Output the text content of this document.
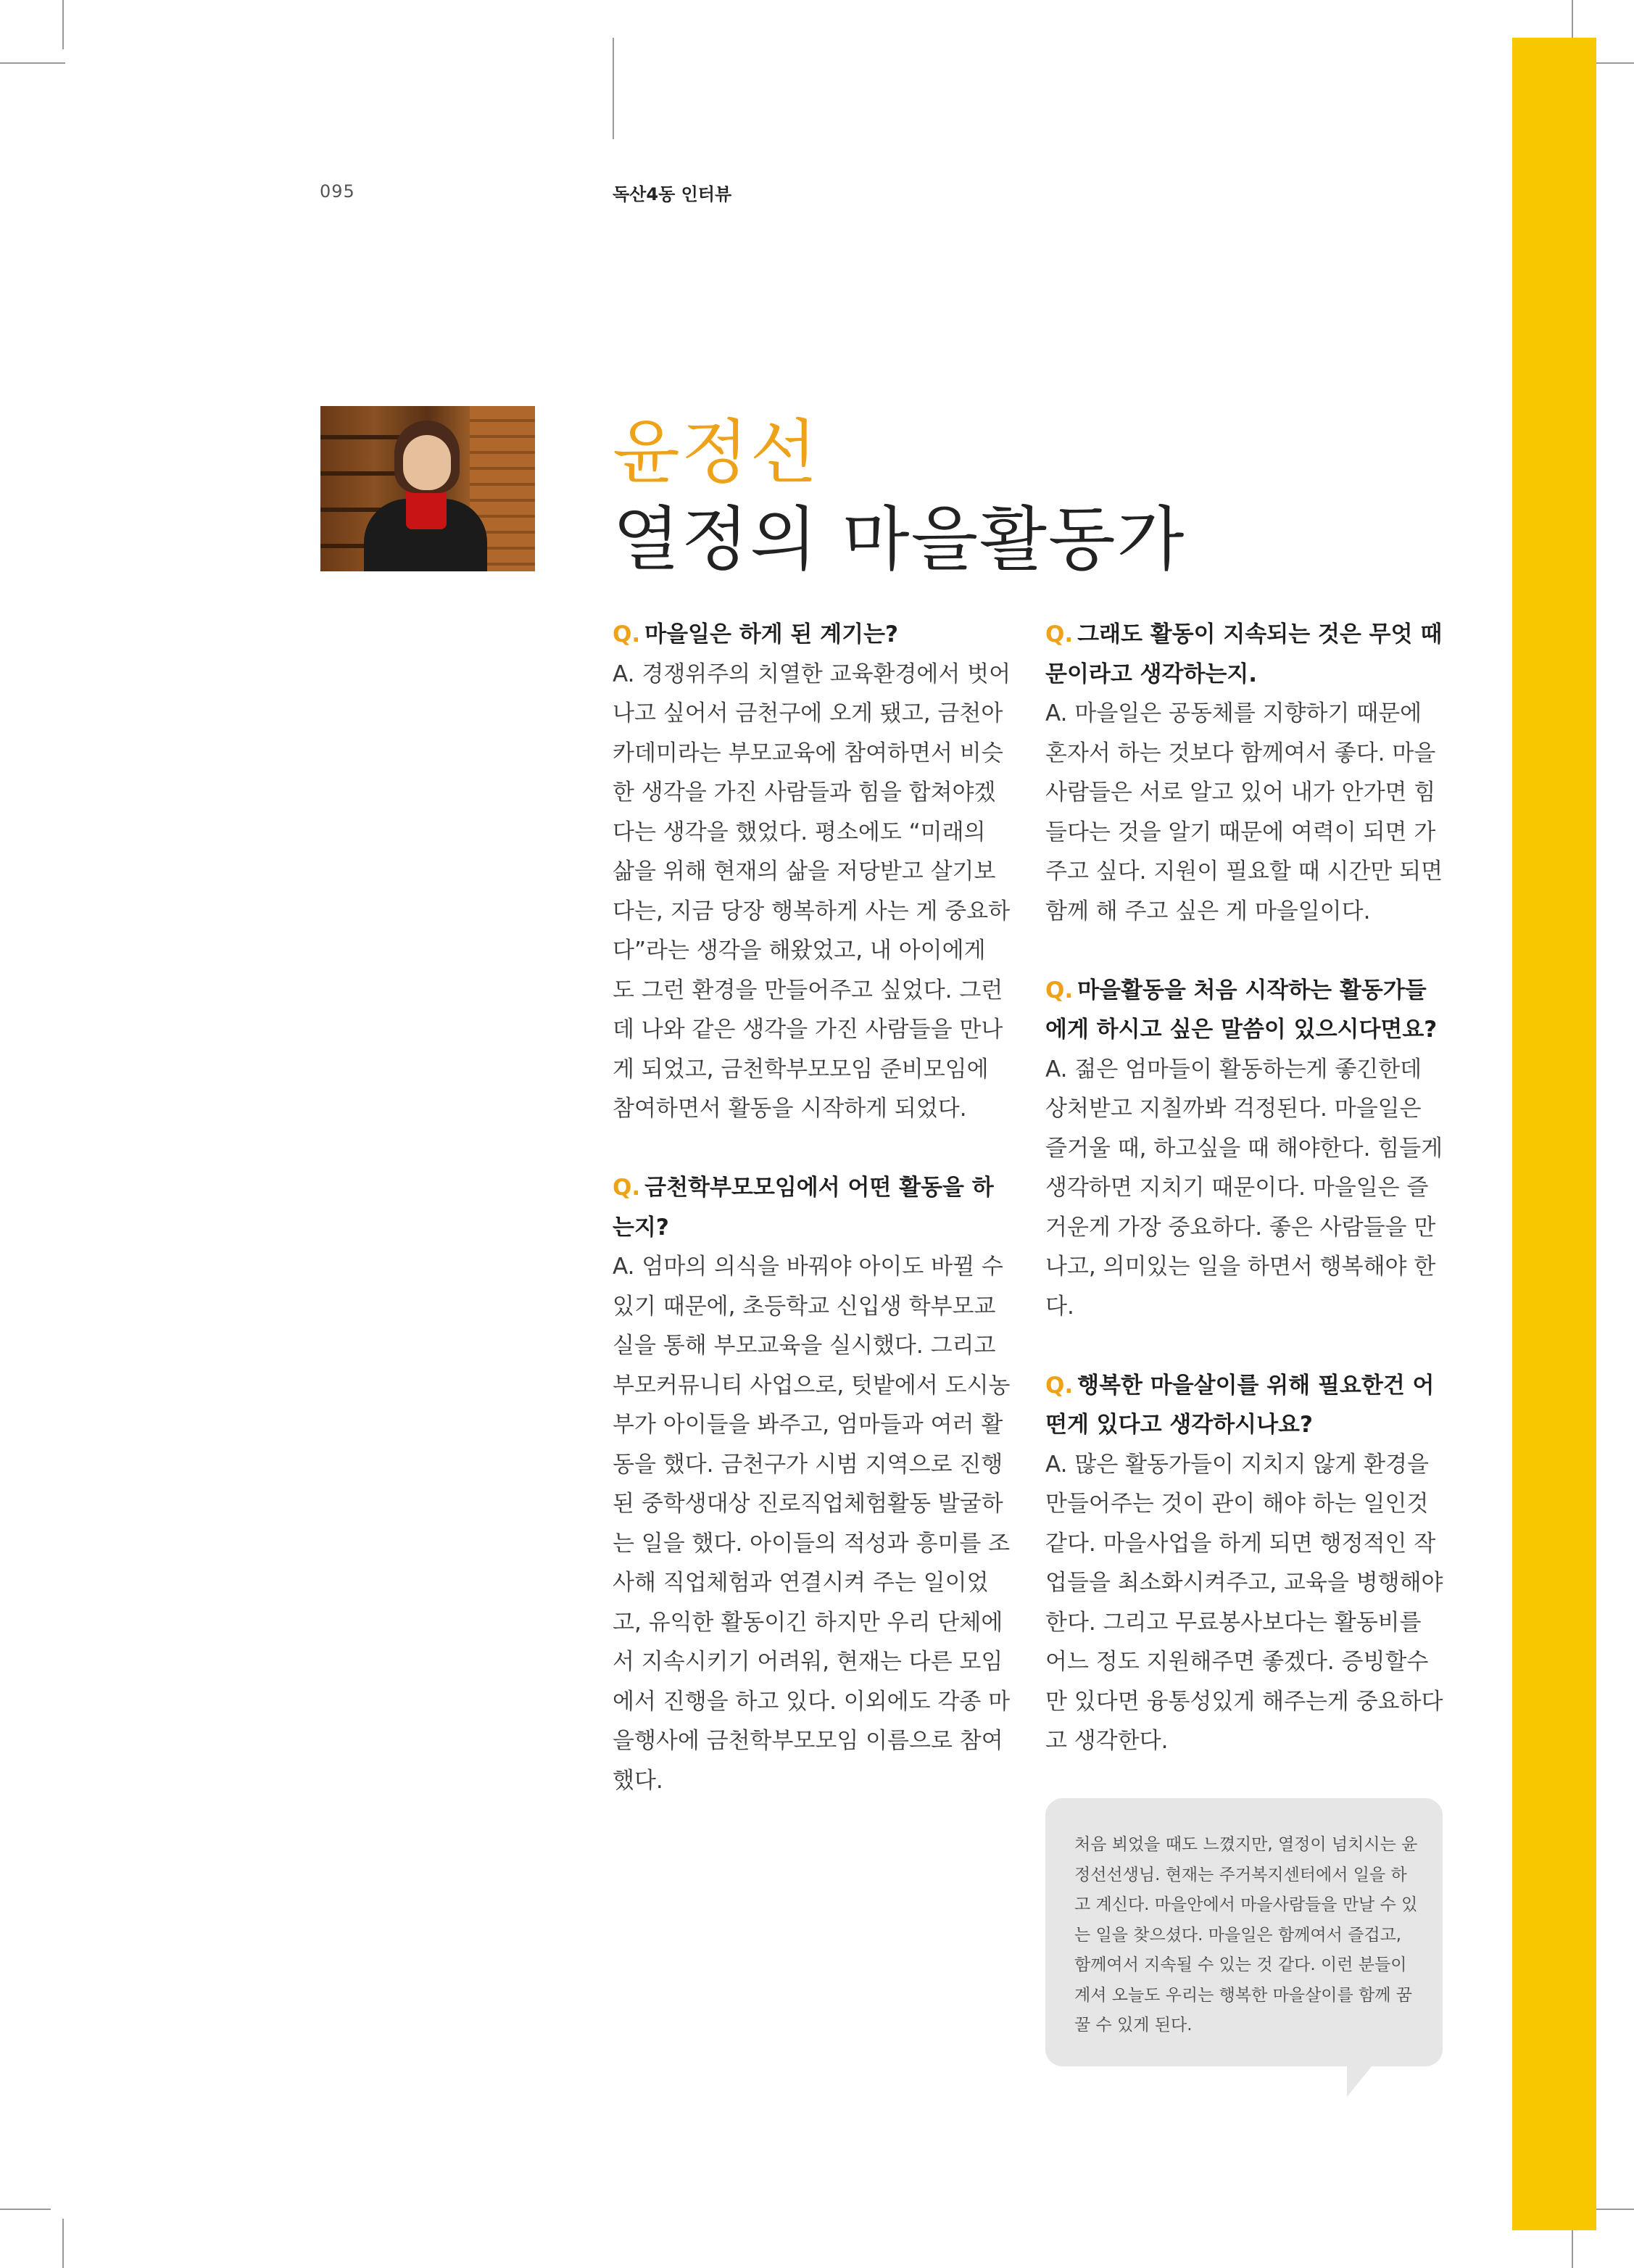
095	독산4동 인터뷰
윤정선
열정의 마을활동가
Q. 마을일은 하게 된 계기는?
A. 경쟁위주의 치열한 교육환경에서 벗어나고 싶어서 금천구에 오게 됐고, 금천아카데미라는 부모교육에 참여하면서 비슷한 생각을 가진 사람들과 힘을 합쳐야겠다는 생각을 했었다. 평소에도 “미래의 삶을 위해 현재의 삶을 저당받고 살기보다는, 지금 당장 행복하게 사는 게 중요하다”라는 생각을 해왔었고, 내 아이에게 도 그런 환경을 만들어주고 싶었다. 그런데 나와 같은 생각을 가진 사람들을 만나게 되었고, 금천학부모모임 준비모임에 참여하면서 활동을 시작하게 되었다.
Q. 금천학부모모임에서 어떤 활동을 하는지?
A. 엄마의 의식을 바꿔야 아이도 바뀔 수 있기 때문에, 초등학교 신입생 학부모교실을 통해 부모교육을 실시했다. 그리고 부모커뮤니티 사업으로, 텃밭에서 도시농부가 아이들을 봐주고, 엄마들과 여러 활동을 했다. 금천구가 시범 지역으로 진행된 중학생대상 진로직업체험활동 발굴하는 일을 했다. 아이들의 적성과 흥미를 조사해 직업체험과 연결시켜 주는 일이었고, 유익한 활동이긴 하지만 우리 단체에서 지속시키기 어려워, 현재는 다른 모임에서 진행을 하고 있다. 이외에도 각종 마을행사에 금천학부모모임 이름으로 참여했다.
Q. 그래도 활동이 지속되는 것은 무엇 때문이라고 생각하는지.
A. 마을일은 공동체를 지향하기 때문에 혼자서 하는 것보다 함께여서 좋다. 마을사람들은 서로 알고 있어 내가 안가면 힘들다는 것을 알기 때문에 여력이 되면 가주고 싶다. 지원이 필요할 때 시간만 되면 함께 해 주고 싶은 게 마을일이다.
Q. 마을활동을 처음 시작하는 활동가들에게 하시고 싶은 말씀이 있으시다면요?
A. 젊은 엄마들이 활동하는게 좋긴한데 상처받고 지칠까봐 걱정된다. 마을일은 즐거울 때, 하고싶을 때 해야한다. 힘들게 생각하면 지치기 때문이다. 마을일은 즐거운게 가장 중요하다. 좋은 사람들을 만나고, 의미있는 일을 하면서 행복해야 한다.
Q. 행복한 마을살이를 위해 필요한건 어떤게 있다고 생각하시나요?
A. 많은 활동가들이 지치지 않게 환경을 만들어주는 것이 관이 해야 하는 일인것 같다. 마을사업을 하게 되면 행정적인 작업들을 최소화시켜주고, 교육을 병행해야 한다. 그리고 무료봉사보다는 활동비를 어느 정도 지원해주면 좋겠다. 증빙할수만 있다면 융통성있게 해주는게 중요하다고 생각한다.
처음 뵈었을 때도 느꼈지만, 열정이 넘치시는 윤정선선생님. 현재는 주거복지센터에서 일을 하고 계신다. 마을안에서 마을사람들을 만날 수 있는 일을 찾으셨다. 마을일은 함께여서 즐겁고, 함께여서 지속될 수 있는 것 같다. 이런 분들이 계셔 오늘도 우리는 행복한 마을살이를 함께 꿈꿀 수 있게 된다.
